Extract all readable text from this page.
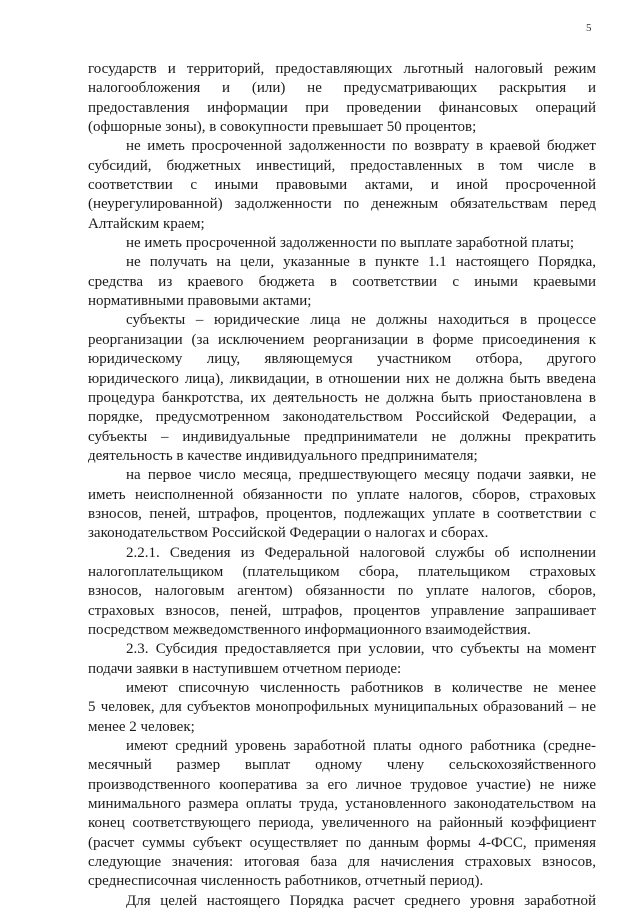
5
государств и территорий, предоставляющих льготный налоговый режим
налогообложения и (или) не предусматривающих раскрытия и
предоставления информации при проведении финансовых операций
(офшорные зоны), в совокупности превышает 50 процентов;
не иметь просроченной задолженности по возврату в краевой бюджет
субсидий, бюджетных инвестиций, предоставленных в том числе в
соответствии с иными правовыми актами, и иной просроченной
(неурегулированной) задолженности по денежным обязательствам перед
Алтайским краем;
не иметь просроченной задолженности по выплате заработной платы;
не получать на цели, указанные в пункте 1.1 настоящего Порядка,
средства из краевого бюджета в соответствии с иными краевыми
нормативными правовыми актами;
субъекты – юридические лица не должны находиться в процессе
реорганизации (за исключением реорганизации в форме присоединения к
юридическому лицу, являющемуся участником отбора, другого
юридического лица), ликвидации, в отношении них не должна быть введена
процедура банкротства, их деятельность не должна быть приостановлена в
порядке, предусмотренном законодательством Российской Федерации, а
субъекты – индивидуальные предприниматели не должны прекратить
деятельность в качестве индивидуального предпринимателя;
на первое число месяца, предшествующего месяцу подачи заявки, не
иметь неисполненной обязанности по уплате налогов, сборов, страховых
взносов, пеней, штрафов, процентов, подлежащих уплате в соответствии с
законодательством Российской Федерации о налогах и сборах.
2.2.1. Сведения из Федеральной налоговой службы об исполнении
налогоплательщиком (плательщиком сбора, плательщиком страховых
взносов, налоговым агентом) обязанности по уплате налогов, сборов,
страховых взносов, пеней, штрафов, процентов управление запрашивает
посредством межведомственного информационного взаимодействия.
2.3. Субсидия предоставляется при условии, что субъекты на момент
подачи заявки в наступившем отчетном периоде:
имеют списочную численность работников в количестве не менее
5 человек, для субъектов монопрофильных муниципальных образований – не
менее 2 человек;
имеют средний уровень заработной платы одного работника (средне-
месячный размер выплат одному члену сельскохозяйственного
производственного кооператива за его личное трудовое участие) не ниже
минимального размера оплаты труда, установленного законодательством на
конец соответствующего периода, увеличенного на районный коэффициент
(расчет суммы субъект осуществляет по данным формы 4-ФСС, применяя
следующие значения: итоговая база для начисления страховых взносов,
среднесписочная численность работников, отчетный период).
Для целей настоящего Порядка расчет среднего уровня заработной
